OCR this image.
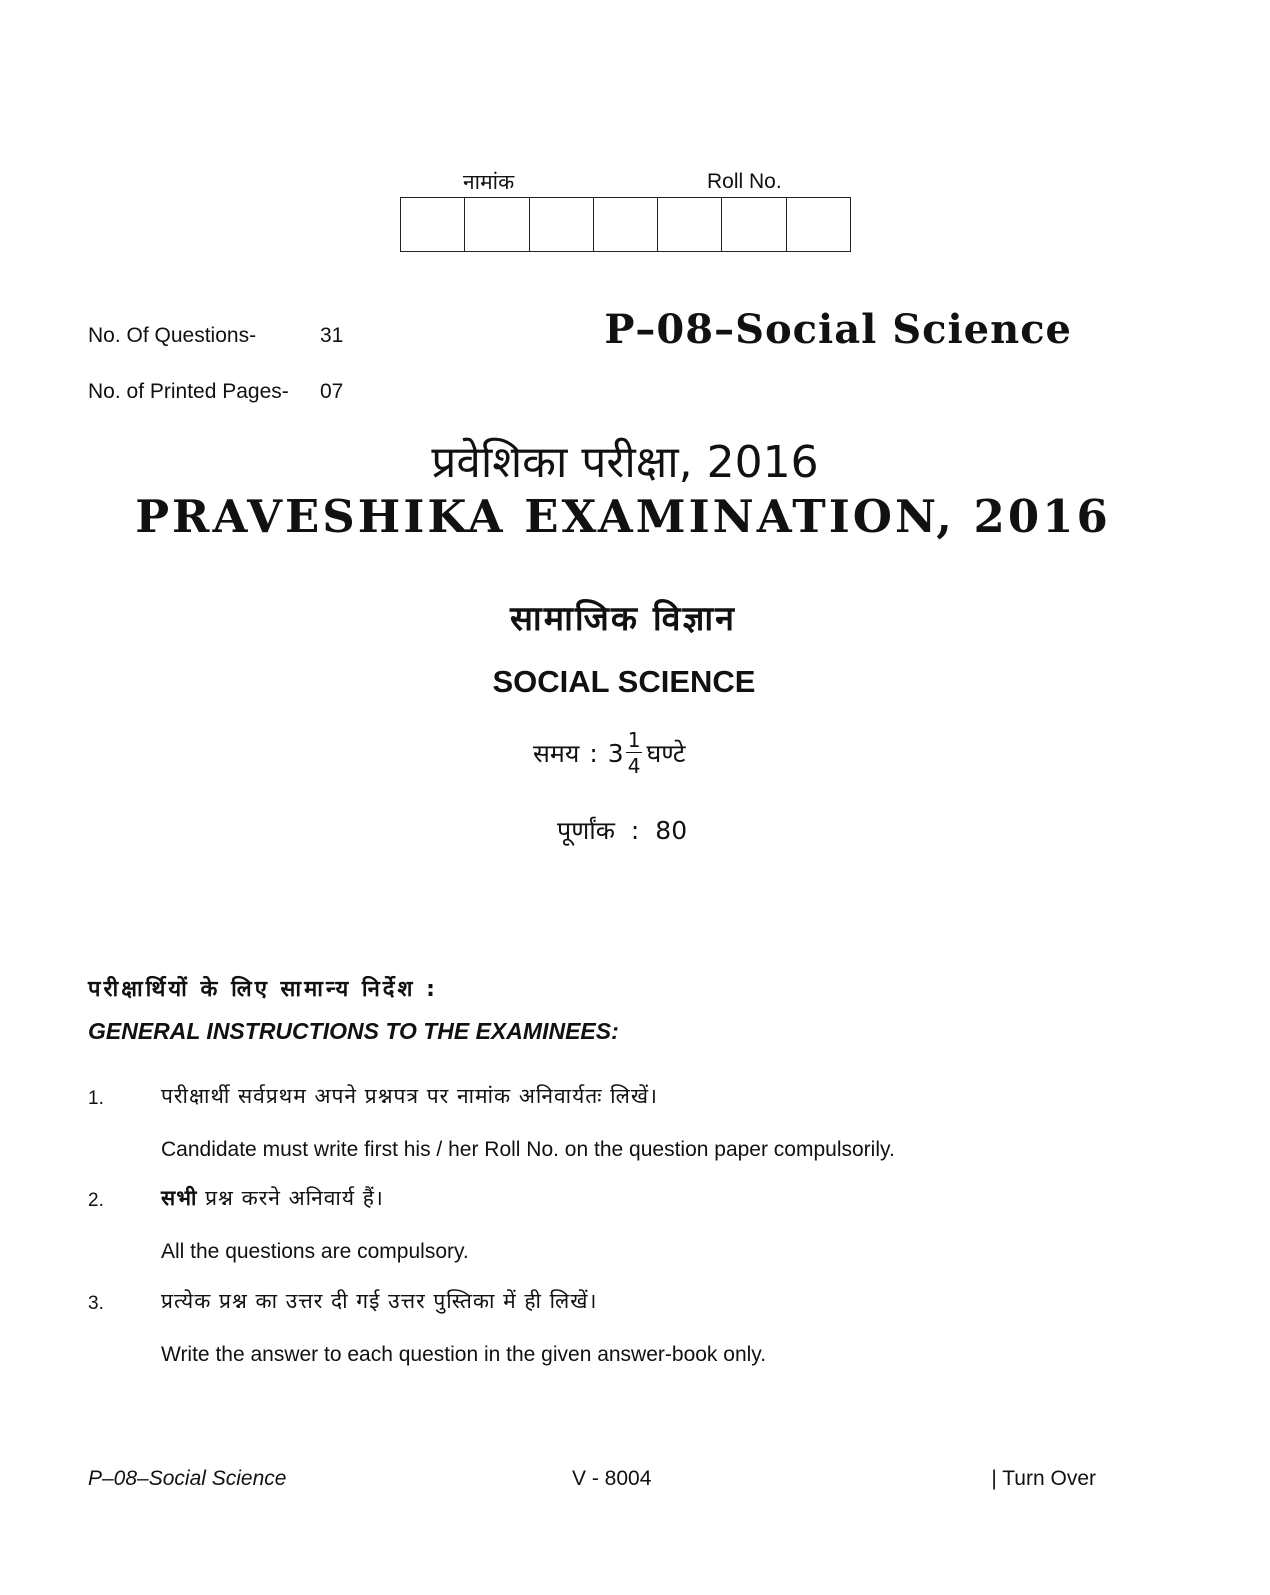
नामांक	Roll No.
No. Of Questions-	31
No. of Printed Pages- 07
P–08–Social Science
प्रवेशिका परीक्षा, 2016
PRAVESHIKA EXAMINATION, 2016
सामाजिक विज्ञान
SOCIAL SCIENCE
समय : $3 \frac{1}{4}$ घण्टे
पूर्णांक : 80
परीक्षार्थियों के लिए सामान्य निर्देश :
GENERAL INSTRUCTIONS TO THE EXAMINEES:
1.	परीक्षार्थी सर्वप्रथम अपने प्रश्नपत्र पर नामांक अनिवार्यतः लिखें।
Candidate must write first his / her Roll No. on the question paper compulsorily.
2.	सभी प्रश्न करने अनिवार्य हैं।
All the questions are compulsory.
3.	प्रत्येक प्रश्न का उत्तर दी गई उत्तर पुस्तिका में ही लिखें।
Write the answer to each question in the given answer-book only.
P–08–Social Science	V - 8004	| Turn Over
